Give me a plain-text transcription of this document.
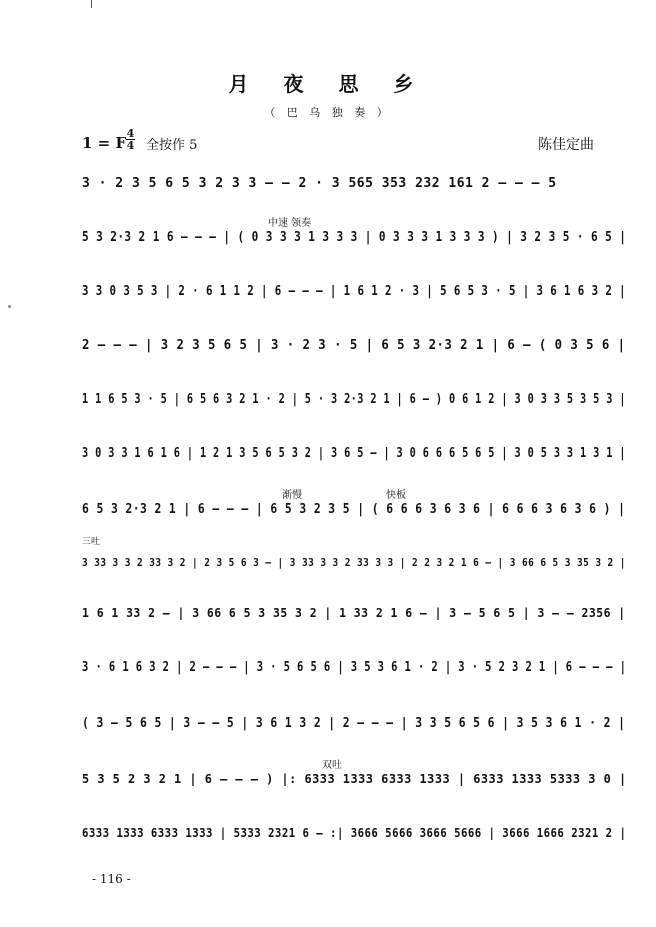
月 夜 思 乡
（ 巴 乌 独 奏 ）
1 = F
4
4 全按作 5	陈佳定曲
中速 领奏
渐慢	快板
三吐
双吐
3 · 2 3 5 6 5 3 2 3 3 – – 2 · 3 565 353 232 161 2 – – – 5
5 3 2·3 2 1 6 – – – | ( 0 3 3 3 1 3 3 3 | 0 3 3 3 1 3 3 3 ) | 3 2 3 5 · 6 5 |
3 3 0 3 5 3 | 2 · 6 1 1 2 | 6 – – – | 1 6 1 2 · 3 | 5 6 5 3 · 5 | 3 6 1 6 3 2 |
2 – – – | 3 2 3 5 6 5 | 3 · 2 3 · 5 | 6 5 3 2·3 2 1 | 6 – ( 0 3 5 6 |
1 1 6 5 3 · 5 | 6 5 6 3 2 1 · 2 | 5 · 3 2·3 2 1 | 6 – ) 0 6 1 2 | 3 0 3 3 5 3 5 3 |
3 0 3 3 1 6 1 6 | 1 2 1 3 5 6 5 3 2 | 3 6 5 – | 3 0 6 6 6 5 6 5 | 3 0 5 3 3 1 3 1 |
6 5 3 2·3 2 1 | 6 – – – | 6 5 3 2 3 5 | ( 6 6 6 3 6 3 6 | 6 6 6 3 6 3 6 ) |
3 33 3 3 2 33 3 2 | 2 3 5 6 3 – | 3 33 3 3 2 33 3 3 | 2 2 3 2 1 6 – | 3 66 6 5 3 35 3 2 |
1 6 1 33 2 – | 3 66 6 5 3 35 3 2 | 1 33 2 1 6 – | 3 – 5 6 5 | 3 – – 2356 |
3 · 6 1 6 3 2 | 2 – – – | 3 · 5 6 5 6 | 3 5 3 6 1 · 2 | 3 · 5 2 3 2 1 | 6 – – – |
( 3 – 5 6 5 | 3 – – 5 | 3 6 1 3 2 | 2 – – – | 3 3 5 6 5 6 | 3 5 3 6 1 · 2 |
5 3 5 2 3 2 1 | 6 – – – ) |: 6333 1333 6333 1333 | 6333 1333 5333 3 0 |
6333 1333 6333 1333 | 5333 2321 6 – :| 3666 5666 3666 5666 | 3666 1666 2321 2 |
- 116 -
